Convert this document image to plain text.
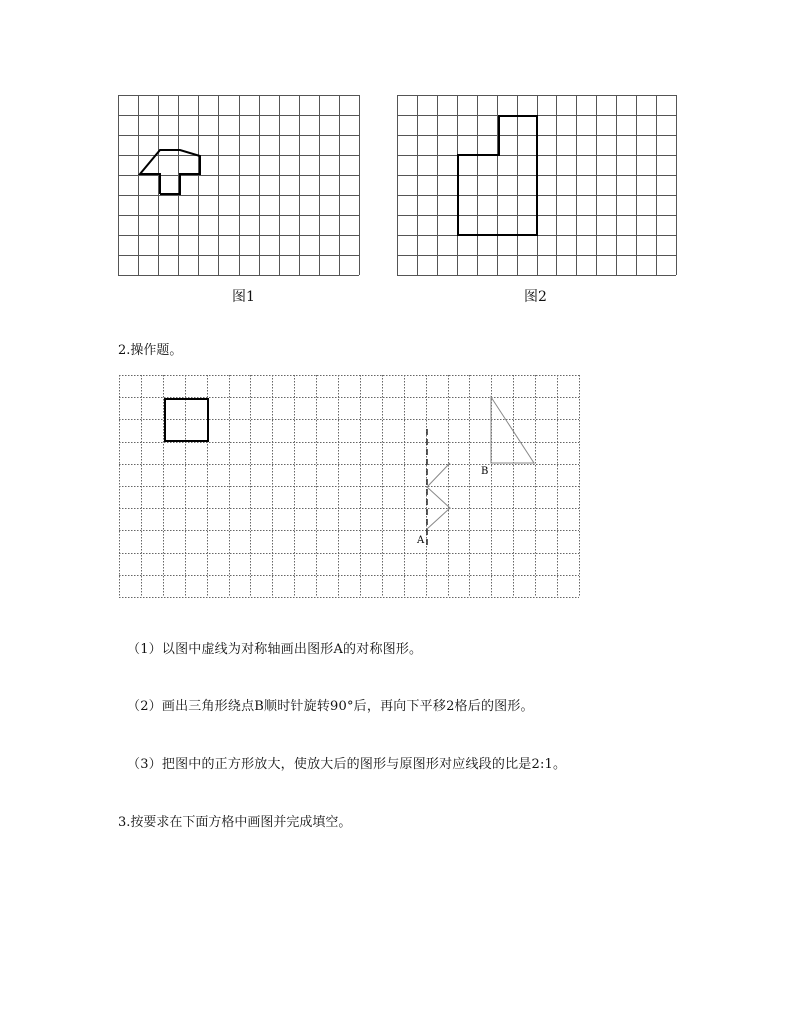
图1	图2
2.操作题。
A
B
（1）以图中虚线为对称轴画出图形A的对称图形。
（2）画出三角形绕点B顺时针旋转90°后，再向下平移2格后的图形。
（3）把图中的正方形放大，使放大后的图形与原图形对应线段的比是2:1。
3.按要求在下面方格中画图并完成填空。
